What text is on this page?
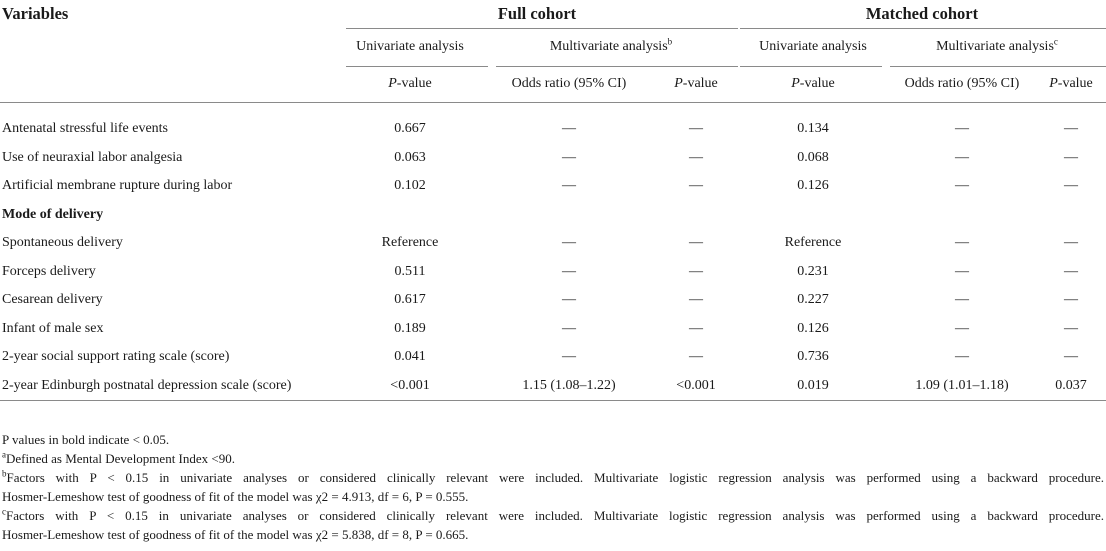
Variables	Full cohort			Matched cohort		
	Univariate analysis	Multivariate analysis$^b$		Univariate analysis	Multivariate analysis$^c$
	P-value	Odds ratio (95% CI)	P-value	P-value	Odds ratio (95% CI)	P-value

Antenatal stressful life events	0.667	—	—	0.134	—	—
Use of neuraxial labor analgesia	0.063	—	—	0.068	—	—
Artificial membrane rupture during labor	0.102	—	—	0.126	—	—
Mode of delivery						
Spontaneous delivery	Reference	—	—	Reference	—	—
Forceps delivery	0.511	—	—	0.231	—	—
Cesarean delivery	0.617	—	—	0.227	—	—
Infant of male sex	0.189	—	—	0.126	—	—
2-year social support rating scale (score)	0.041	—	—	0.736	—	—
2-year Edinburgh postnatal depression scale (score)	<0.001	1.15 (1.08–1.22)	<0.001	0.019	1.09 (1.01–1.18)	0.037

P values in bold indicate < 0.05.

$^a$Defined as Mental Development Index <90.

$^b$Factors with P < 0.15 in univariate analyses or considered clinically relevant were included. Multivariate logistic regression analysis was performed using a backward procedure.

Hosmer-Lemeshow test of goodness of fit of the model was χ2 = 4.913, df = 6, P = 0.555.

$^c$Factors with P < 0.15 in univariate analyses or considered clinically relevant were included. Multivariate logistic regression analysis was performed using a backward procedure.

Hosmer-Lemeshow test of goodness of fit of the model was χ2 = 5.838, df = 8, P = 0.665.
